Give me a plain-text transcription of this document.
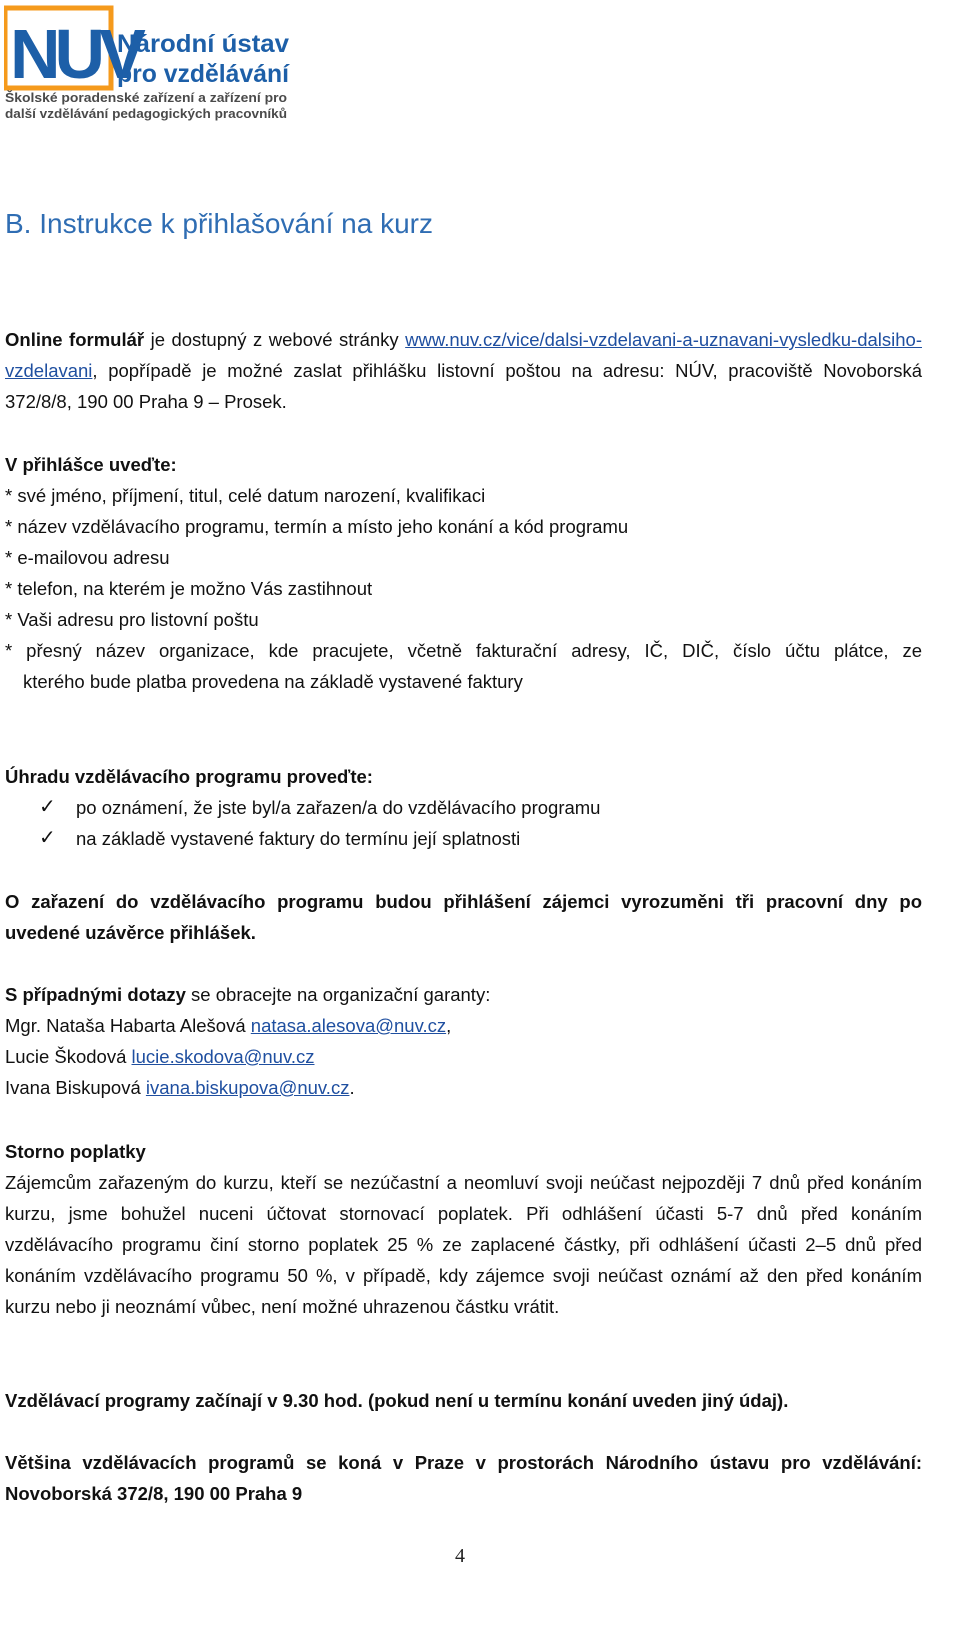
NUV
Národní ústav
pro vzdělávání
Školské poradenské zařízení a zařízení pro
další vzdělávání pedagogických pracovníků
B. Instrukce k přihlašování na kurz

Online formulář je dostupný z webové stránky www.nuv.cz/vice/dalsi-vzdelavani-a-uznavani-vysledku-dalsiho-vzdelavani, popřípadě je možné zaslat přihlášku listovní poštou na adresu: NÚV, pracoviště Novoborská 372/8/8, 190 00 Praha 9 – Prosek.

V přihlášce uveďte:
* své jméno, příjmení, titul, celé datum narození, kvalifikaci
* název vzdělávacího programu, termín a místo jeho konání a kód programu
* e-mailovou adresu
* telefon, na kterém je možno Vás zastihnout
* Vaši adresu pro listovní poštu
* přesný název organizace, kde pracujete, včetně fakturační adresy, IČ, DIČ, číslo účtu plátce, ze
kterého bude platba provedena na základě vystavené faktury
Úhradu vzdělávacího programu proveďte:
✓ po oznámení, že jste byl/a zařazen/a do vzdělávacího programu
✓ na základě vystavené faktury do termínu její splatnosti

O zařazení do vzdělávacího programu budou přihlášení zájemci vyrozuměni tři pracovní dny po uvedené uzávěrce přihlášek.

S případnými dotazy se obracejte na organizační garanty:
Mgr. Nataša Habarta Alešová natasa.alesova@nuv.cz,
Lucie Škodová lucie.skodova@nuv.cz
Ivana Biskupová ivana.biskupova@nuv.cz.
Storno poplatky
Zájemcům zařazeným do kurzu, kteří se nezúčastní a neomluví svoji neúčast nejpozději 7 dnů před konáním kurzu, jsme bohužel nuceni účtovat stornovací poplatek. Při odhlášení účasti 5-7 dnů před konáním vzdělávacího programu činí storno poplatek 25 % ze zaplacené částky, při odhlášení účasti 2–5 dnů před konáním vzdělávacího programu 50 %, v případě, kdy zájemce svoji neúčast oznámí až den před konáním kurzu nebo ji neoznámí vůbec, není možné uhrazenou částku vrátit.

Vzdělávací programy začínají v 9.30 hod. (pokud není u termínu konání uveden jiný údaj).

Většina vzdělávacích programů se koná v Praze v prostorách Národního ústavu pro vzdělávání: Novoborská 372/8, 190 00 Praha 9

4
